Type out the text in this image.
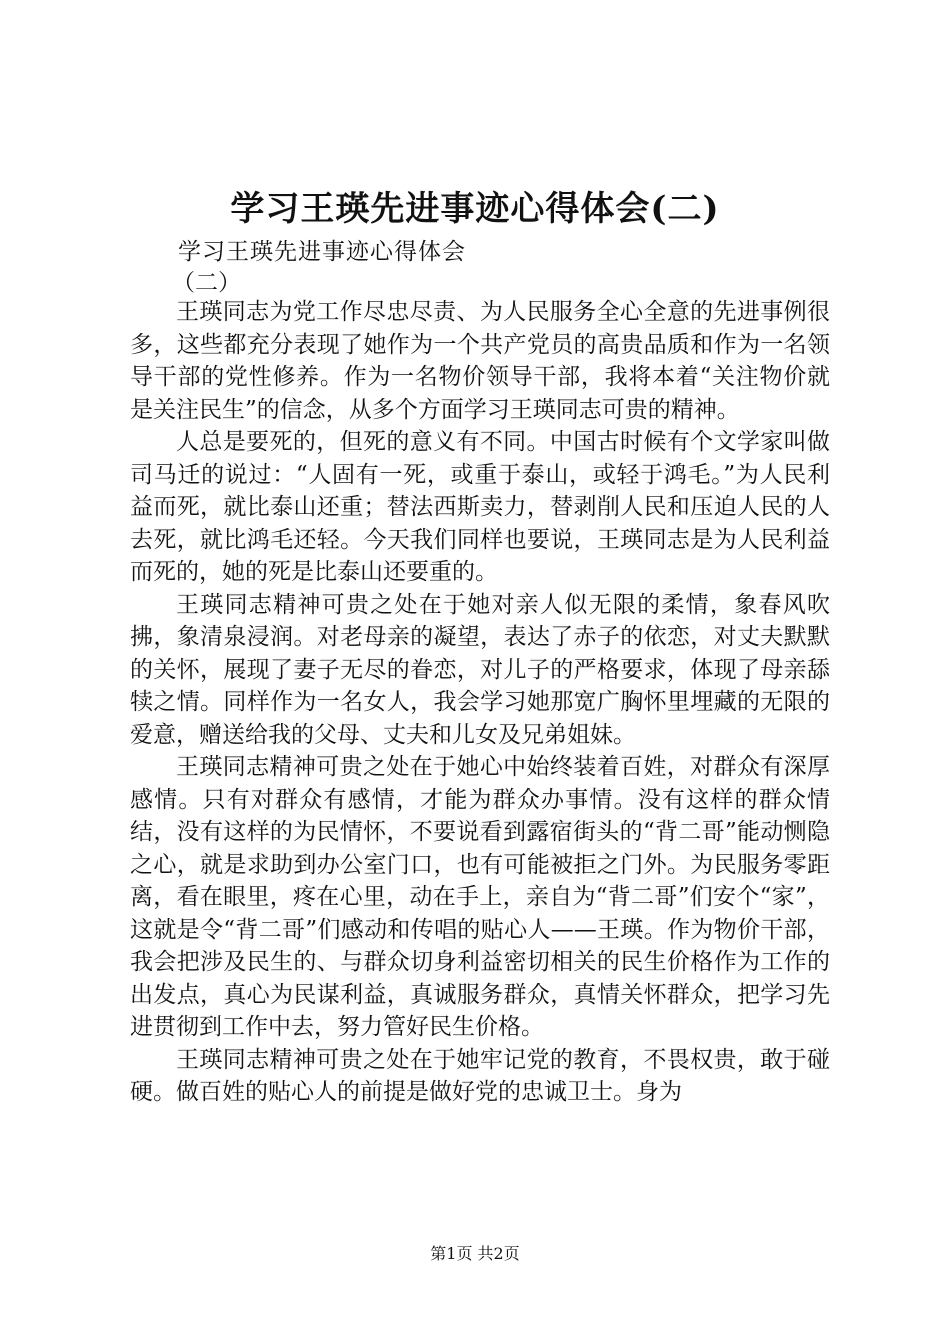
学习王瑛先进事迹心得体会(二)

学习王瑛先进事迹心得体会

（二）

王瑛同志为党工作尽忠尽责、为人民服务全心全意的先进事例很多，这些都充分表现了她作为一个共产党员的高贵品质和作为一名领导干部的党性修养。作为一名物价领导干部，我将本着“关注物价就是关注民生”的信念，从多个方面学习王瑛同志可贵的精神。

人总是要死的，但死的意义有不同。中国古时候有个文学家叫做司马迁的说过：“人固有一死，或重于泰山，或轻于鸿毛。”为人民利益而死，就比泰山还重；替法西斯卖力，替剥削人民和压迫人民的人去死，就比鸿毛还轻。今天我们同样也要说，王瑛同志是为人民利益而死的，她的死是比泰山还要重的。

王瑛同志精神可贵之处在于她对亲人似无限的柔情，象春风吹拂，象清泉浸润。对老母亲的凝望，表达了赤子的依恋，对丈夫默默的关怀，展现了妻子无尽的眷恋，对儿子的严格要求，体现了母亲舔犊之情。同样作为一名女人，我会学习她那宽广胸怀里埋藏的无限的爱意，赠送给我的父母、丈夫和儿女及兄弟姐妹。

王瑛同志精神可贵之处在于她心中始终装着百姓，对群众有深厚感情。只有对群众有感情，才能为群众办事情。没有这样的群众情结，没有这样的为民情怀，不要说看到露宿街头的“背二哥”能动恻隐之心，就是求助到办公室门口，也有可能被拒之门外。为民服务零距离，看在眼里，疼在心里，动在手上，亲自为“背二哥”们安个“家”，这就是令“背二哥”们感动和传唱的贴心人——王瑛。作为物价干部，我会把涉及民生的、与群众切身利益密切相关的民生价格作为工作的出发点，真心为民谋利益，真诚服务群众，真情关怀群众，把学习先进贯彻到工作中去，努力管好民生价格。

王瑛同志精神可贵之处在于她牢记党的教育，不畏权贵，敢于碰硬。做百姓的贴心人的前提是做好党的忠诚卫士。身为

第1页 共2页
